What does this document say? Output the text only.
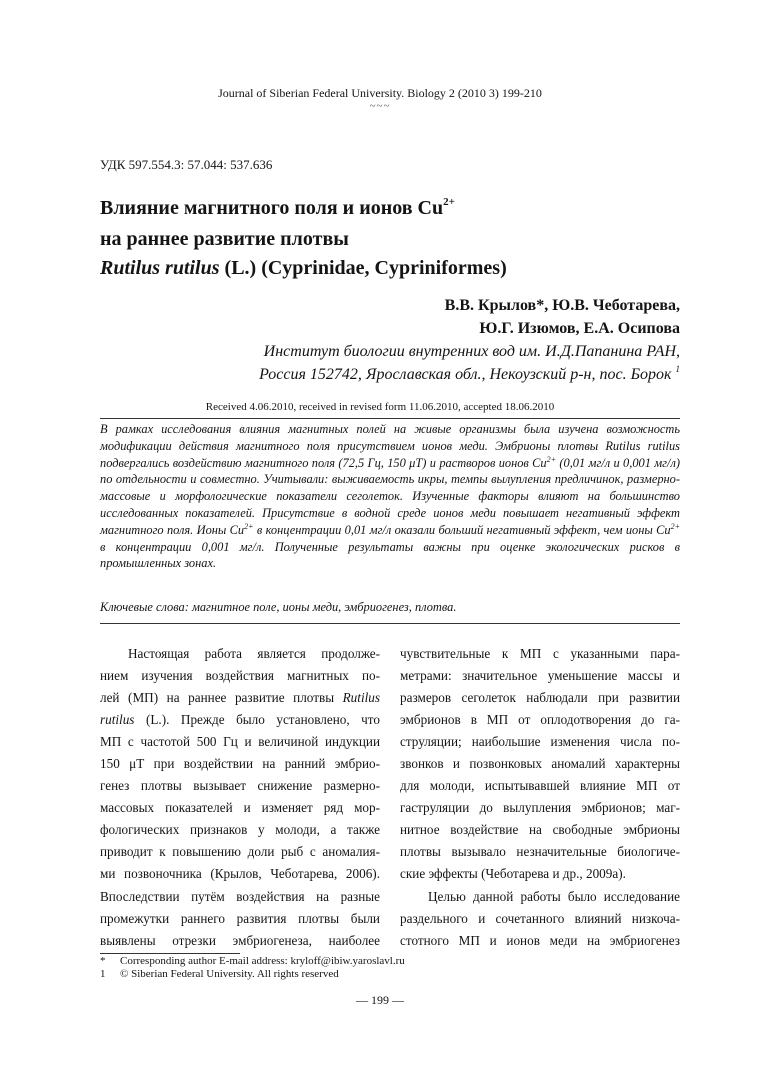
Journal of Siberian Federal University. Biology 2 (2010 3) 199-210
~~~
УДК 597.554.3: 57.044: 537.636
Влияние магнитного поля и ионов $Cu^{2+}$
на раннее развитие плотвы
Rutilus rutilus (L.) (Cyprinidae, Cypriniformes)
В.В. Крылов*, Ю.В. Чеботарева,
Ю.Г. Изюмов, Е.А. Осипова
Институт биологии внутренних вод им. И.Д.Папанина РАН,
Россия 152742, Ярославская обл., Некоузский р-н, пос. Борок $^1$
Received 4.06.2010, received in revised form 11.06.2010, accepted 18.06.2010
В рамках исследования влияния магнитных полей на живые организмы была изучена возможность модификации действия магнитного поля присутствием ионов меди. Эмбрионы плотвы Rutilus rutilus подвергались воздействию магнитного поля (72,5 Гц, 150 μТ) и растворов ионов $Cu^{2+}$ (0,01 мг/л и 0,001 мг/л) по отдельности и совместно. Учитывали: выживаемость икры, темпы вылупления предличинок, размерно-массовые и морфологические показатели сеголеток. Изученные факторы влияют на большинство исследованных показателей. Присутствие в водной среде ионов меди повышает негативный эффект магнитного поля. Ионы $Cu^{2+}$ в концентрации 0,01 мг/л оказали больший негативный эффект, чем ионы $Cu^{2+}$ в концентрации 0,001 мг/л. Полученные результаты важны при оценке экологических рисков в промышленных зонах.
Ключевые слова: магнитное поле, ионы меди, эмбриогенез, плотва.
Настоящая работа является продолже-
нием изучения воздействия магнитных по-
лей (МП) на раннее развитие плотвы Rutilus
rutilus (L.). Прежде было установлено, что
МП с частотой 500 Гц и величиной индукции
150 μТ при воздействии на ранний эмбрио-
генез плотвы вызывает снижение размерно-
массовых показателей и изменяет ряд мор-
фологических признаков у молоди, а также
приводит к повышению доли рыб с аномалия-
ми позвоночника (Крылов, Чеботарева, 2006).
Впоследствии путём воздействия на разные
промежутки раннего развития плотвы были
выявлены отрезки эмбриогенеза, наиболее
чувствительные к МП с указанными пара-
метрами: значительное уменьшение массы и
размеров сеголеток наблюдали при развитии
эмбрионов в МП от оплодотворения до га-
струляции; наибольшие изменения числа по-
звонков и позвонковых аномалий характерны
для молоди, испытывавшей влияние МП от
гаструляции до вылупления эмбрионов; маг-
нитное воздействие на свободные эмбрионы
плотвы вызывало незначительные биологиче-
ские эффекты (Чеботарева и др., 2009а).
Целью данной работы было исследование
раздельного и сочетанного влияний низкоча-
стотного МП и ионов меди на эмбриогенез
* Corresponding author E-mail address: kryloff@ibiw.yaroslavl.ru
1 © Siberian Federal University. All rights reserved
— 199 —
